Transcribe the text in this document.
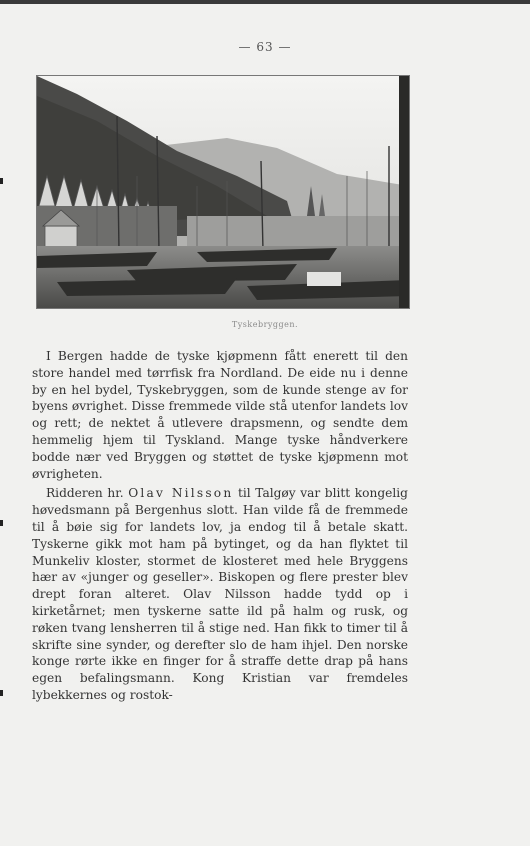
— 63 —
Tyskebryggen.

I Bergen hadde de tyske kjøpmenn fått enerett til den store handel med tørrfisk fra Nordland. De eide nu i denne by en hel bydel, Tyskebryggen, som de kunde stenge av for byens øvrighet. Disse fremmede vilde stå utenfor landets lov og rett; de nektet å utlevere drapsmenn, og sendte dem hemmelig hjem til Tyskland. Mange tyske håndverkere bodde nær ved Bryggen og støttet de tyske kjøpmenn mot øvrigheten.

Ridderen hr. Olav Nilsson til Talgøy var blitt kongelig høvedsmann på Bergenhus slott. Han vilde få de fremmede til å bøie sig for landets lov, ja endog til å betale skatt. Tyskerne gikk mot ham på bytinget, og da han flyktet til Munkeliv kloster, stormet de klosteret med hele Bryggens hær av «junger og geseller». Biskopen og flere prester blev drept foran alteret. Olav Nilsson hadde tydd op i kirketårnet; men tyskerne satte ild på halm og rusk, og røken tvang lensherren til å stige ned. Han fikk to timer til å skrifte sine synder, og derefter slo de ham ihjel. Den norske konge rørte ikke en finger for å straffe dette drap på hans egen befalingsmann. Kong Kristian var fremdeles lybekkernes og rostok-
